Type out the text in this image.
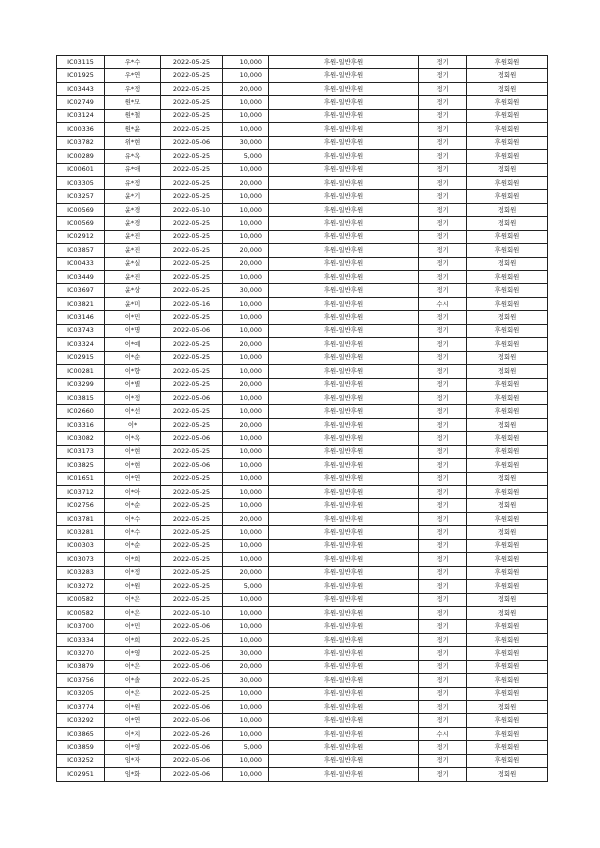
IC03115	우*수	2022-05-25	10,000	후원-일반후원	정기	후원회원
IC01925	우*연	2022-05-25	10,000	후원-일반후원	정기	정회원
IC03443	우*정	2022-05-25	20,000	후원-일반후원	정기	정회원
IC02749	원*모	2022-05-25	10,000	후원-일반후원	정기	후원회원
IC03124	원*철	2022-05-25	10,000	후원-일반후원	정기	후원회원
IC00336	원*윤	2022-05-25	10,000	후원-일반후원	정기	후원회원
IC03782	위*현	2022-05-06	30,000	후원-일반후원	정기	후원회원
IC00289	유*옥	2022-05-25	5,000	후원-일반후원	정기	후원회원
IC00601	유*애	2022-05-25	10,000	후원-일반후원	정기	정회원
IC03305	유*정	2022-05-25	20,000	후원-일반후원	정기	후원회원
IC03257	윤*기	2022-05-25	10,000	후원-일반후원	정기	후원회원
IC00569	윤*경	2022-05-10	10,000	후원-일반후원	정기	정회원
IC00569	윤*경	2022-05-25	10,000	후원-일반후원	정기	정회원
IC02912	윤*진	2022-05-25	10,000	후원-일반후원	정기	후원회원
IC03857	윤*진	2022-05-25	20,000	후원-일반후원	정기	후원회원
IC00433	윤*실	2022-05-25	20,000	후원-일반후원	정기	정회원
IC03449	윤*진	2022-05-25	10,000	후원-일반후원	정기	후원회원
IC03697	윤*상	2022-05-25	30,000	후원-일반후원	정기	후원회원
IC03821	윤*미	2022-05-16	10,000	후원-일반후원	수시	후원회원
IC03146	이*민	2022-05-25	10,000	후원-일반후원	정기	정회원
IC03743	이*명	2022-05-06	10,000	후원-일반후원	정기	후원회원
IC03324	이*예	2022-05-25	20,000	후원-일반후원	정기	후원회원
IC02915	이*순	2022-05-25	10,000	후원-일반후원	정기	정회원
IC00281	이*향	2022-05-25	10,000	후원-일반후원	정기	정회원
IC03299	이*별	2022-05-25	20,000	후원-일반후원	정기	후원회원
IC03815	이*정	2022-05-06	10,000	후원-일반후원	정기	후원회원
IC02660	이*선	2022-05-25	10,000	후원-일반후원	정기	후원회원
IC03316	이*	2022-05-25	20,000	후원-일반후원	정기	정회원
IC03082	이*옥	2022-05-06	10,000	후원-일반후원	정기	후원회원
IC03173	이*현	2022-05-25	10,000	후원-일반후원	정기	후원회원
IC03825	이*현	2022-05-06	10,000	후원-일반후원	정기	후원회원
IC01651	이*연	2022-05-25	10,000	후원-일반후원	정기	정회원
IC03712	이*아	2022-05-25	10,000	후원-일반후원	정기	후원회원
IC02756	이*순	2022-05-25	10,000	후원-일반후원	정기	정회원
IC03781	이*수	2022-05-25	20,000	후원-일반후원	정기	후원회원
IC03281	이*수	2022-05-25	10,000	후원-일반후원	정기	정회원
IC00303	이*순	2022-05-25	10,000	후원-일반후원	정기	후원회원
IC03073	이*희	2022-05-25	10,000	후원-일반후원	정기	후원회원
IC03283	이*정	2022-05-25	20,000	후원-일반후원	정기	후원회원
IC03272	이*원	2022-05-25	5,000	후원-일반후원	정기	후원회원
IC00582	이*은	2022-05-25	10,000	후원-일반후원	정기	정회원
IC00582	이*은	2022-05-10	10,000	후원-일반후원	정기	정회원
IC03700	이*민	2022-05-06	10,000	후원-일반후원	정기	후원회원
IC03334	이*희	2022-05-25	10,000	후원-일반후원	정기	후원회원
IC03270	이*영	2022-05-25	30,000	후원-일반후원	정기	후원회원
IC03879	이*은	2022-05-06	20,000	후원-일반후원	정기	후원회원
IC03756	이*솔	2022-05-25	30,000	후원-일반후원	정기	후원회원
IC03205	이*은	2022-05-25	10,000	후원-일반후원	정기	후원회원
IC03774	이*원	2022-05-06	10,000	후원-일반후원	정기	정회원
IC03292	이*연	2022-05-06	10,000	후원-일반후원	정기	후원회원
IC03865	이*지	2022-05-26	10,000	후원-일반후원	수시	후원회원
IC03859	이*영	2022-05-06	5,000	후원-일반후원	정기	후원회원
IC03252	임*자	2022-05-06	10,000	후원-일반후원	정기	후원회원
IC02951	임*화	2022-05-06	10,000	후원-일반후원	정기	정회원
